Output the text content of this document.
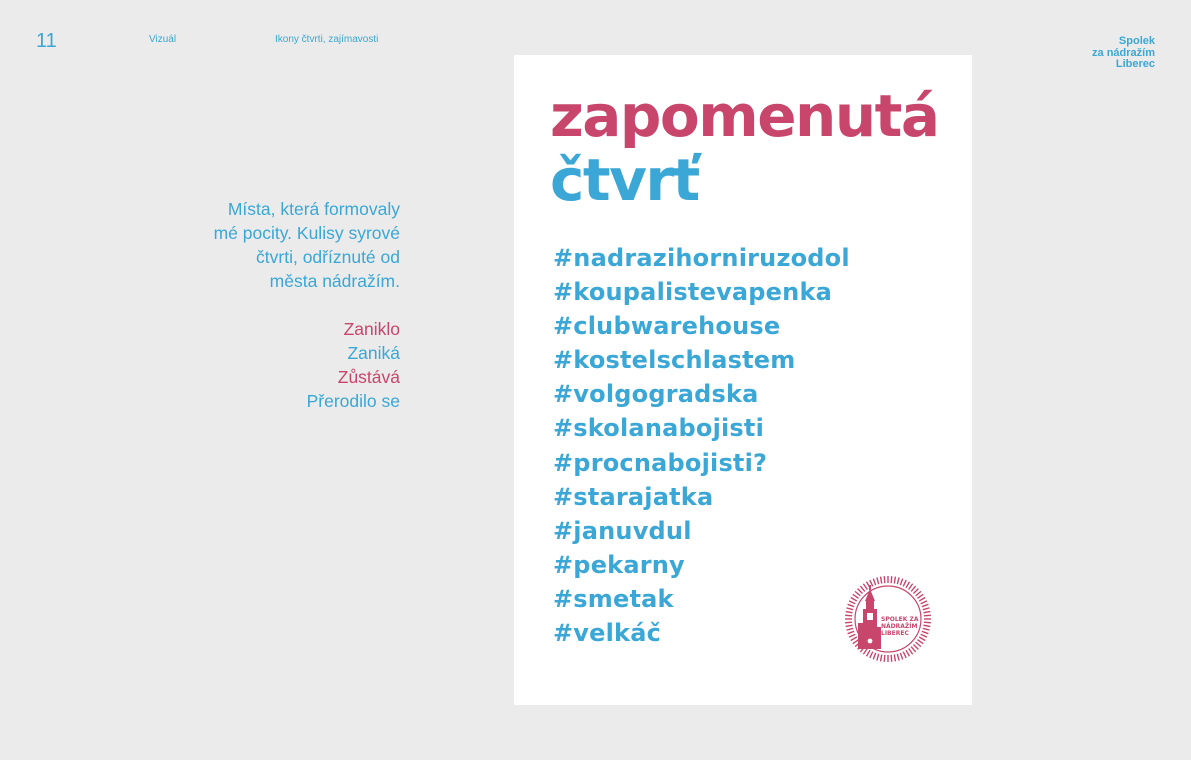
11	Vizuál	Ikony čtvrti, zajímavosti	Spolek
za nádražím
Liberec
Místa, která formovaly
mé pocity. Kulisy syrové
čtvrti, odříznuté od
města nádražím.
Zaniklo
Zaniká
Zůstává
Přerodilo se
zapomenutá
čtvrť
#nadrazihorniruzodol
#koupalistevapenka
#clubwarehouse
#kostelschlastem
#volgogradska
#skolanabojisti
#procnabojisti?
#starajatka
#januvdul
#pekarny
#smetak
#velkáč	SPOLEK ZA
NÁDRAŽÍM
LIBEREC
